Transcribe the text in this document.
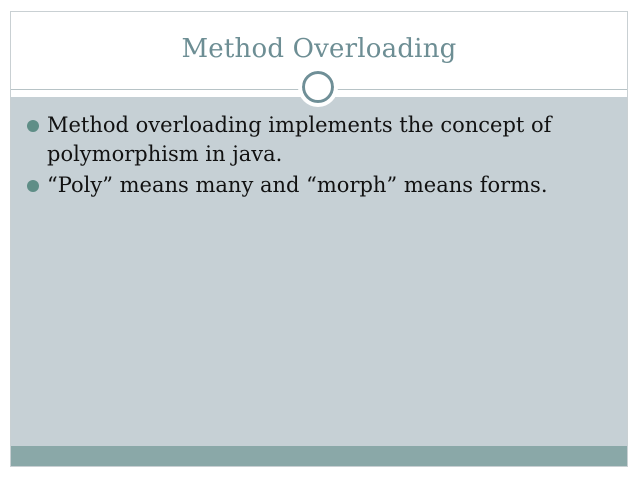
Method Overloading
Method overloading implements the concept of polymorphism in java.
“Poly” means many and “morph” means forms.
